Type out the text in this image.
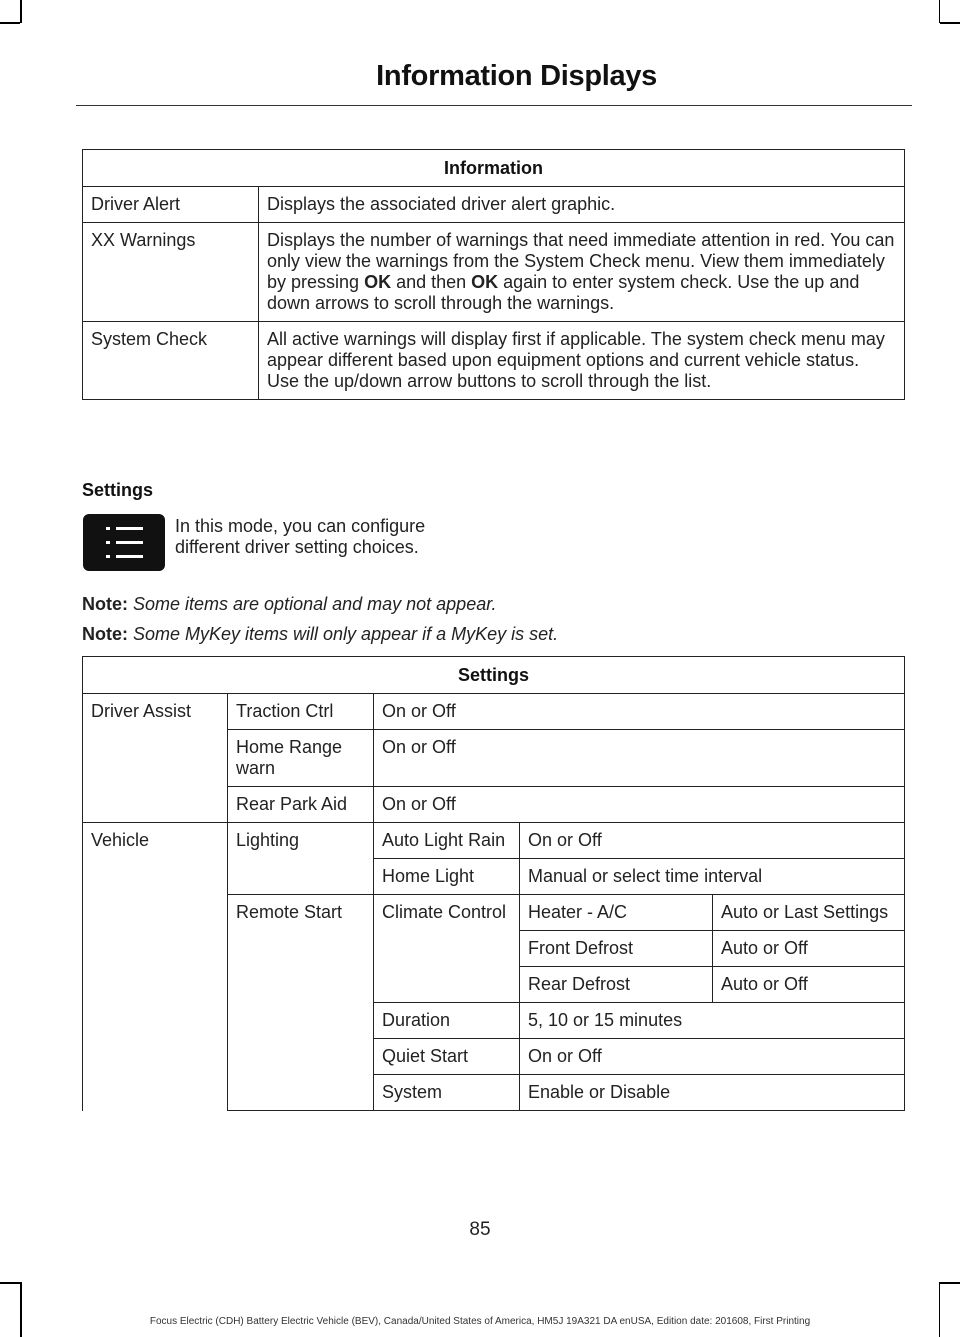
Information Displays
Information	
Driver Alert	Displays the associated driver alert graphic.
XX Warnings	Displays the number of warnings that need immediate attention in red. You can only view the warnings from the System Check menu. View them immediately by pressing OK and then OK again to enter system check. Use the up and down arrows to scroll through the warnings.
System Check	All active warnings will display first if applicable. The system check menu may appear different based upon equipment options and current vehicle status. Use the up/down arrow buttons to scroll through the list.
Settings

In this mode, you can configure different driver setting choices.

Note: Some items are optional and may not appear.

Note: Some MyKey items will only appear if a MyKey is set.

Settings				
Driver Assist	Traction Ctrl	On or Off		
	Home Range warn	On or Off		
	Rear Park Aid	On or Off		
Vehicle	Lighting	Auto Light Rain	On or Off	
		Home Light	Manual or select time interval	
	Remote Start	Climate Control	Heater - A/C	Auto or Last Settings
			Front Defrost	Auto or Off
			Rear Defrost	Auto or Off
		Duration	5, 10 or 15 minutes	
		Quiet Start	On or Off	
		System	Enable or Disable	
85
Focus Electric (CDH) Battery Electric Vehicle (BEV), Canada/United States of America, HM5J 19A321 DA enUSA, Edition date: 201608, First Printing
